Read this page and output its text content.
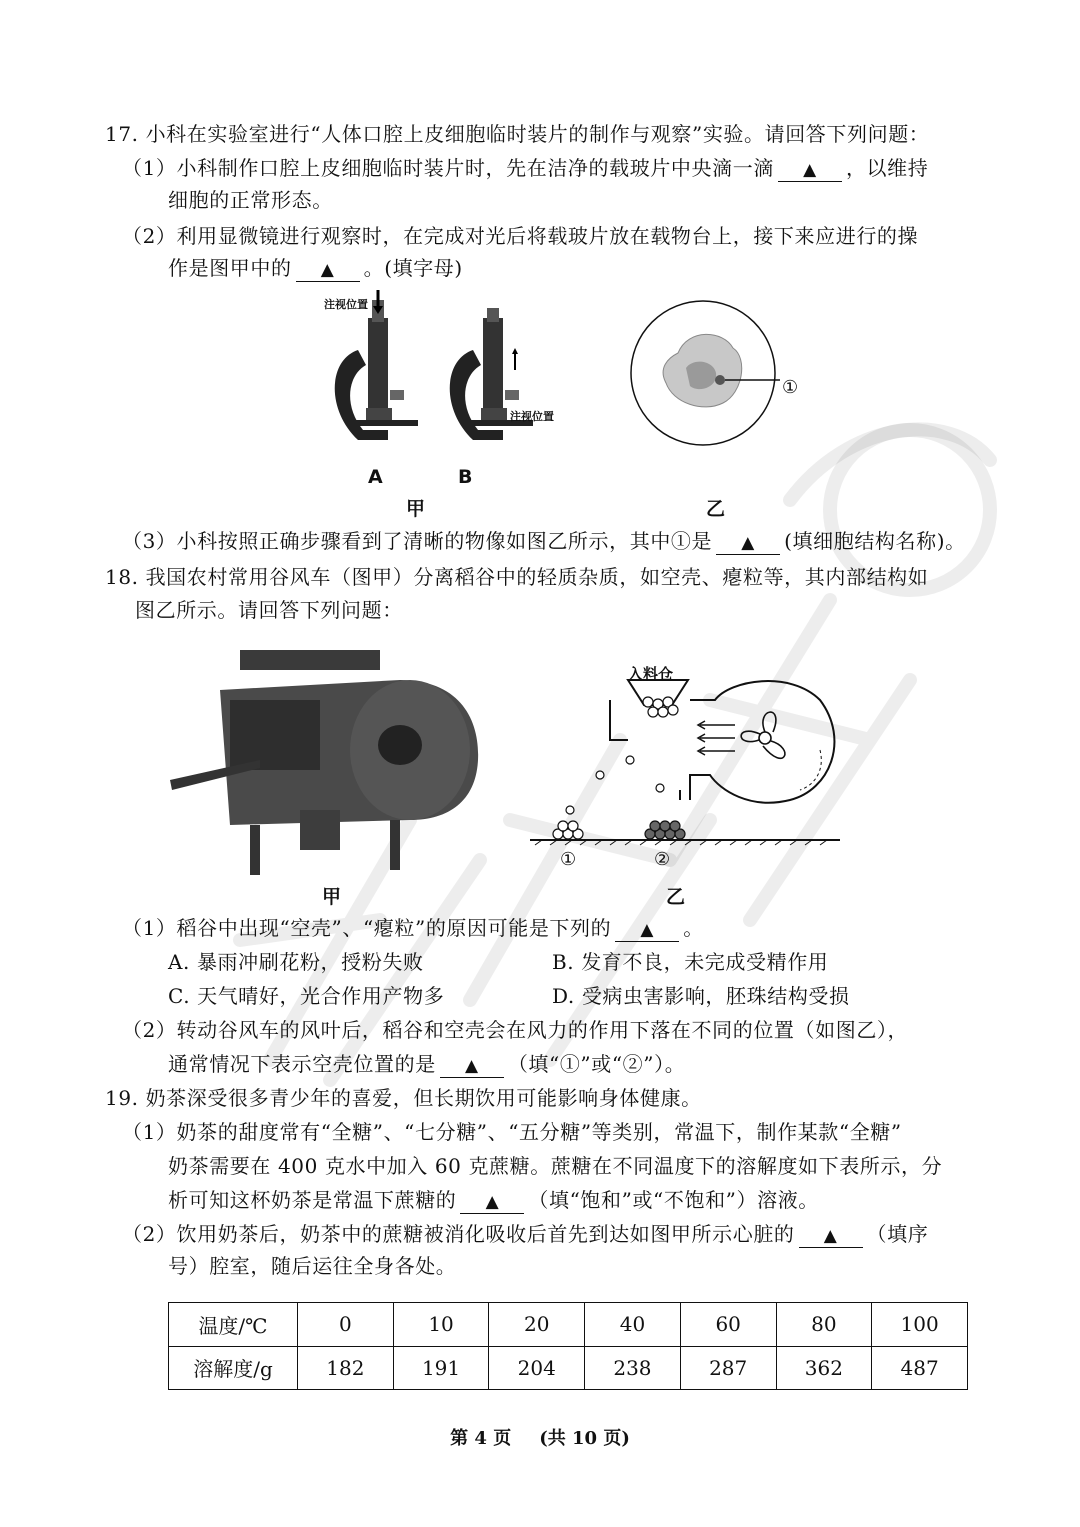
17. 小科在实验室进行“人体口腔上皮细胞临时装片的制作与观察”实验。请回答下列问题：
（1）小科制作口腔上皮细胞临时装片时，先在洁净的载玻片中央滴一滴 ▲ ，以维持
细胞的正常形态。
（2）利用显微镜进行观察时，在完成对光后将载玻片放在载物台上，接下来应进行的操
作是图甲中的 ▲ 。(填字母)
注视位置
注视位置
A	B
甲
①
乙
（3）小科按照正确步骤看到了清晰的物像如图乙所示，其中①是 ▲ (填细胞结构名称)。
18. 我国农村常用谷风车（图甲）分离稻谷中的轻质杂质，如空壳、瘪粒等，其内部结构如
图乙所示。请回答下列问题：
甲
入料仓
①	②
乙
（1）稻谷中出现“空壳”、“瘪粒”的原因可能是下列的 ▲ 。
A. 暴雨冲刷花粉，授粉失败	B. 发育不良，未完成受精作用
C. 天气晴好，光合作用产物多	D. 受病虫害影响，胚珠结构受损
（2）转动谷风车的风叶后，稻谷和空壳会在风力的作用下落在不同的位置（如图乙），
通常情况下表示空壳位置的是 ▲ （填“①”或“②”）。
19. 奶茶深受很多青少年的喜爱，但长期饮用可能影响身体健康。
（1）奶茶的甜度常有“全糖”、“七分糖”、“五分糖”等类别，常温下，制作某款“全糖”
奶茶需要在 400 克水中加入 60 克蔗糖。蔗糖在不同温度下的溶解度如下表所示，分
析可知这杯奶茶是常温下蔗糖的 ▲ （填“饱和”或“不饱和”）溶液。
（2）饮用奶茶后，奶茶中的蔗糖被消化吸收后首先到达如图甲所示心脏的 ▲ （填序
号）腔室，随后运往全身各处。
温度/℃	0	10	20	40	60	80	100
溶解度/g	182	191	204	238	287	362	487
第 4 页 (共 10 页)
